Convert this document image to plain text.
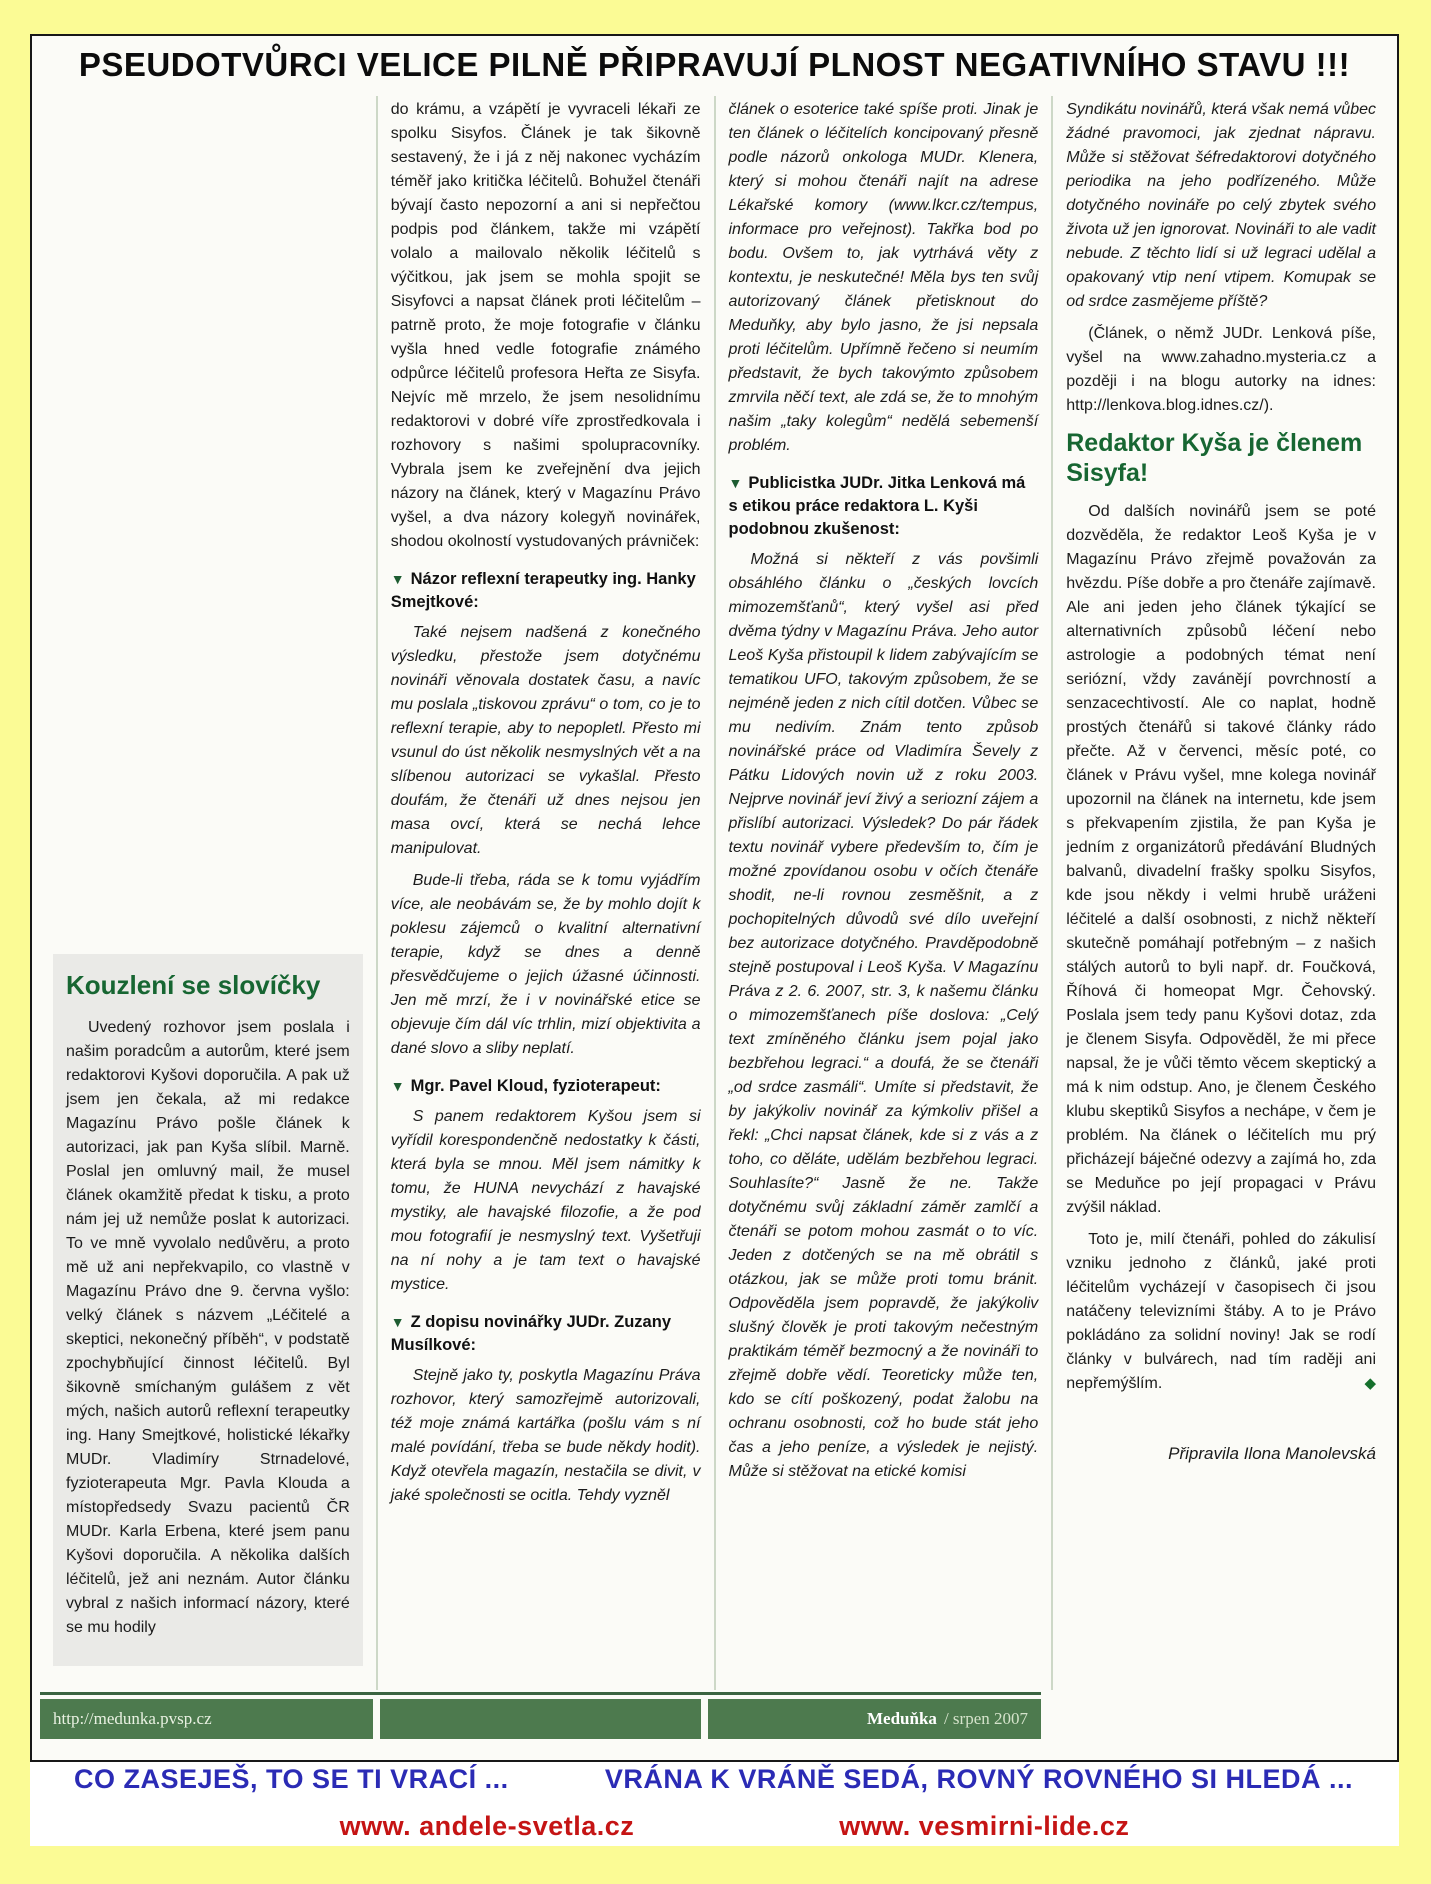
PSEUDOTVŮRCI VELICE PILNĚ PŘIPRAVUJÍ PLNOST NEGATIVNÍHO STAVU !!!
Kouzlení se slovíčky

Uvedený rozhovor jsem poslala i našim poradcům a autorům, které jsem redaktorovi Kyšovi doporučila. A pak už jsem jen čekala, až mi redakce Magazínu Právo pošle článek k autorizaci, jak pan Kyša slíbil. Marně. Poslal jen omluvný mail, že musel článek okamžitě předat k tisku, a proto nám jej už nemůže poslat k autorizaci. To ve mně vyvolalo nedůvěru, a proto mě už ani nepřekvapilo, co vlastně v Magazínu Právo dne 9. června vyšlo: velký článek s názvem „Léčitelé a skeptici, nekonečný příběh“, v podstatě zpochybňující činnost léčitelů. Byl šikovně smíchaným gulášem z vět mých, našich autorů reflexní terapeutky ing. Hany Smejtkové, holistické lékařky MUDr. Vladimíry Strnadelové, fyzioterapeuta Mgr. Pavla Klouda a místopředsedy Svazu pacientů ČR MUDr. Karla Erbena, které jsem panu Kyšovi doporučila. A několika dalších léčitelů, jež ani neznám. Autor článku vybral z našich informací názory, které se mu hodily

do krámu, a vzápětí je vyvraceli lékaři ze spolku Sisyfos. Článek je tak šikovně sestavený, že i já z něj nakonec vycházím téměř jako kritička léčitelů. Bohužel čtenáři bývají často nepozorní a ani si nepřečtou podpis pod článkem, takže mi vzápětí volalo a mailovalo několik léčitelů s výčitkou, jak jsem se mohla spojit se Sisyfovci a napsat článek proti léčitelům – patrně proto, že moje fotografie v článku vyšla hned vedle fotografie známého odpůrce léčitelů profesora Heřta ze Sisyfa. Nejvíc mě mrzelo, že jsem nesolidnímu redaktorovi v dobré víře zprostředkovala i rozhovory s našimi spolupracovníky. Vybrala jsem ke zveřejnění dva jejich názory na článek, který v Magazínu Právo vyšel, a dva názory kolegyň novinářek, shodou okolností vystudovaných právniček:

▼ Názor reflexní terapeutky ing. Hanky Smejtkové:

Také nejsem nadšená z konečného výsledku, přestože jsem dotyčnému novináři věnovala dostatek času, a navíc mu poslala „tiskovou zprávu“ o tom, co je to reflexní terapie, aby to nepopletl. Přesto mi vsunul do úst několik nesmyslných vět a na slíbenou autorizaci se vykašlal. Přesto doufám, že čtenáři už dnes nejsou jen masa ovcí, která se nechá lehce manipulovat.

Bude-li třeba, ráda se k tomu vyjádřím více, ale neobávám se, že by mohlo dojít k poklesu zájemců o kvalitní alternativní terapie, když se dnes a denně přesvědčujeme o jejich úžasné účinnosti. Jen mě mrzí, že i v novinářské etice se objevuje čím dál víc trhlin, mizí objektivita a dané slovo a sliby neplatí.

▼ Mgr. Pavel Kloud, fyzioterapeut:

S panem redaktorem Kyšou jsem si vyřídil korespondenčně nedostatky k části, která byla se mnou. Měl jsem námitky k tomu, že HUNA nevychází z havajské mystiky, ale havajské filozofie, a že pod mou fotografií je nesmyslný text. Vyšetřuji na ní nohy a je tam text o havajské mystice.

▼ Z dopisu novinářky JUDr. Zuzany Musílkové:

Stejně jako ty, poskytla Magazínu Práva rozhovor, který samozřejmě autorizovali, též moje známá kartářka (pošlu vám s ní malé povídání, třeba se bude někdy hodit). Když otevřela magazín, nestačila se divit, v jaké společnosti se ocitla. Tehdy vyzněl

článek o esoterice také spíše proti. Jinak je ten článek o léčitelích koncipovaný přesně podle názorů onkologa MUDr. Klenera, který si mohou čtenáři najít na adrese Lékařské komory (www.lkcr.cz/tempus, informace pro veřejnost). Takřka bod po bodu. Ovšem to, jak vytrhává věty z kontextu, je neskutečné! Měla bys ten svůj autorizovaný článek přetisknout do Meduňky, aby bylo jasno, že jsi nepsala proti léčitelům. Upřímně řečeno si neumím představit, že bych takovýmto způsobem zmrvila něčí text, ale zdá se, že to mnohým našim „taky kolegům“ nedělá sebemenší problém.

▼ Publicistka JUDr. Jitka Lenková má s etikou práce redaktora L. Kyši podobnou zkušenost:

Možná si někteří z vás povšimli obsáhlého článku o „českých lovcích mimozemšťanů“, který vyšel asi před dvěma týdny v Magazínu Práva. Jeho autor Leoš Kyša přistoupil k lidem zabývajícím se tematikou UFO, takovým způsobem, že se nejméně jeden z nich cítil dotčen. Vůbec se mu nedivím. Znám tento způsob novinářské práce od Vladimíra Ševely z Pátku Lidových novin už z roku 2003. Nejprve novinář jeví živý a seriozní zájem a přislíbí autorizaci. Výsledek? Do pár řádek textu novinář vybere především to, čím je možné zpovídanou osobu v očích čtenáře shodit, ne-li rovnou zesměšnit, a z pochopitelných důvodů své dílo uveřejní bez autorizace dotyčného. Pravděpodobně stejně postupoval i Leoš Kyša. V Magazínu Práva z 2. 6. 2007, str. 3, k našemu článku o mimozemšťanech píše doslova: „Celý text zmíněného článku jsem pojal jako bezbřehou legraci.“ a doufá, že se čtenáři „od srdce zasmáli“. Umíte si představit, že by jakýkoliv novinář za kýmkoliv přišel a řekl: „Chci napsat článek, kde si z vás a z toho, co děláte, udělám bezbřehou legraci. Souhlasíte?“ Jasně že ne. Takže dotyčnému svůj základní záměr zamlčí a čtenáři se potom mohou zasmát o to víc. Jeden z dotčených se na mě obrátil s otázkou, jak se může proti tomu bránit. Odpověděla jsem popravdě, že jakýkoliv slušný člověk je proti takovým nečestným praktikám téměř bezmocný a že novináři to zřejmě dobře vědí. Teoreticky může ten, kdo se cítí poškozený, podat žalobu na ochranu osobnosti, což ho bude stát jeho čas a jeho peníze, a výsledek je nejistý. Může si stěžovat na etické komisi

Syndikátu novinářů, která však nemá vůbec žádné pravomoci, jak zjednat nápravu. Může si stěžovat šéfredaktorovi dotyčného periodika na jeho podřízeného. Může dotyčného novináře po celý zbytek svého života už jen ignorovat. Novináři to ale vadit nebude. Z těchto lidí si už legraci udělal a opakovaný vtip není vtipem. Komupak se od srdce zasmějeme příště?

(Článek, o němž JUDr. Lenková píše, vyšel na www.zahadno.mysteria.cz a později i na blogu autorky na idnes: http://lenkova.blog.idnes.cz/).

Redaktor Kyša je členem Sisyfa!

Od dalších novinářů jsem se poté dozvěděla, že redaktor Leoš Kyša je v Magazínu Právo zřejmě považován za hvězdu. Píše dobře a pro čtenáře zajímavě. Ale ani jeden jeho článek týkající se alternativních způsobů léčení nebo astrologie a podobných témat není seriózní, vždy zavánějí povrchností a senzacechtivostí. Ale co naplat, hodně prostých čtenářů si takové články rádo přečte. Až v červenci, měsíc poté, co článek v Právu vyšel, mne kolega novinář upozornil na článek na internetu, kde jsem s překvapením zjistila, že pan Kyša je jedním z organizátorů předávání Bludných balvanů, divadelní frašky spolku Sisyfos, kde jsou někdy i velmi hrubě uráženi léčitelé a další osobnosti, z nichž někteří skutečně pomáhají potřebným – z našich stálých autorů to byli např. dr. Foučková, Říhová či homeopat Mgr. Čehovský. Poslala jsem tedy panu Kyšovi dotaz, zda je členem Sisyfa. Odpověděl, že mi přece napsal, že je vůči těmto věcem skeptický a má k nim odstup. Ano, je členem Českého klubu skeptiků Sisyfos a nechápe, v čem je problém. Na článek o léčitelích mu prý přicházejí báječné odezvy a zajímá ho, zda se Meduňce po její propagaci v Právu zvýšil náklad.

Toto je, milí čtenáři, pohled do zákulisí vzniku jednoho z článků, jaké proti léčitelům vycházejí v časopisech či jsou natáčeny televizními štáby. A to je Právo pokládáno za solidní noviny! Jak se rodí články v bulvárech, nad tím raději ani nepřemýšlím.	◆

Připravila Ilona Manolevská

http://medunka.pvsp.cz	Meduňka / srpen 2007
CO ZASEJEŠ, TO SE TI VRACÍ ...	VRÁNA K VRÁNĚ SEDÁ, ROVNÝ ROVNÉHO SI HLEDÁ ...
www. andele-svetla.cz	www. vesmirni-lide.cz
